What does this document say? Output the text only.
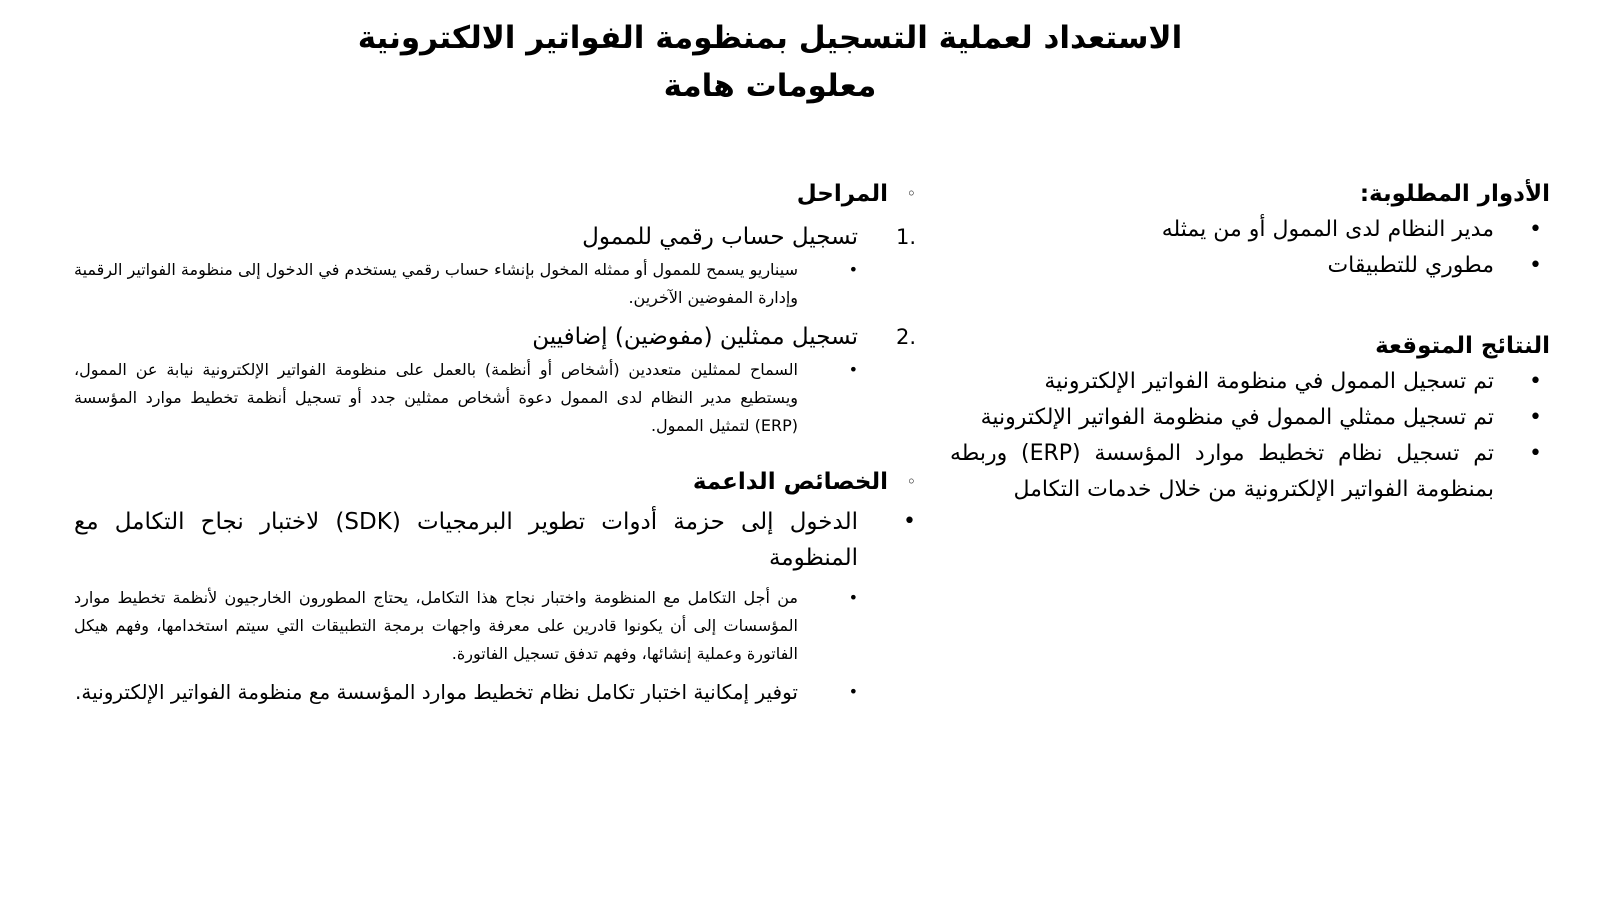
الاستعداد لعملية التسجيل بمنظومة الفواتير الالكترونية

معلومات هامة

الأدوار المطلوبة:

•
مدير النظام لدى الممول أو من يمثله
•
مطوري للتطبيقات

النتائج المتوقعة

•
تم تسجيل الممول في منظومة الفواتير الإلكترونية
•
تم تسجيل ممثلي الممول في منظومة الفواتير الإلكترونية
•
تم تسجيل نظام تخطيط موارد المؤسسة (ERP) وربطه بمنظومة الفواتير الإلكترونية من خلال خدمات التكامل
◦

المراحل

1.
تسجيل حساب رقمي للممول
•
سيناريو يسمح للممول أو ممثله المخول بإنشاء حساب رقمي يستخدم في الدخول إلى منظومة الفواتير الرقمية وإدارة المفوضين الآخرين.
2.
تسجيل ممثلين (مفوضين) إضافيين
•
السماح لممثلين متعددين (أشخاص أو أنظمة) بالعمل على منظومة الفواتير الإلكترونية نيابة عن الممول، ويستطيع مدير النظام لدى الممول دعوة أشخاص ممثلين جدد أو تسجيل أنظمة تخطيط موارد المؤسسة (ERP) لتمثيل الممول.
◦

الخصائص الداعمة

•
الدخول إلى حزمة أدوات تطوير البرمجيات (SDK) لاختبار نجاح التكامل مع المنظومة
•
من أجل التكامل مع المنظومة واختبار نجاح هذا التكامل، يحتاج المطورون الخارجيون لأنظمة تخطيط موارد المؤسسات إلى أن يكونوا قادرين على معرفة واجهات برمجة التطبيقات التي سيتم استخدامها، وفهم هيكل الفاتورة وعملية إنشائها، وفهم تدفق تسجيل الفاتورة.
•
توفير إمكانية اختبار تكامل نظام تخطيط موارد المؤسسة مع منظومة الفواتير الإلكترونية.
